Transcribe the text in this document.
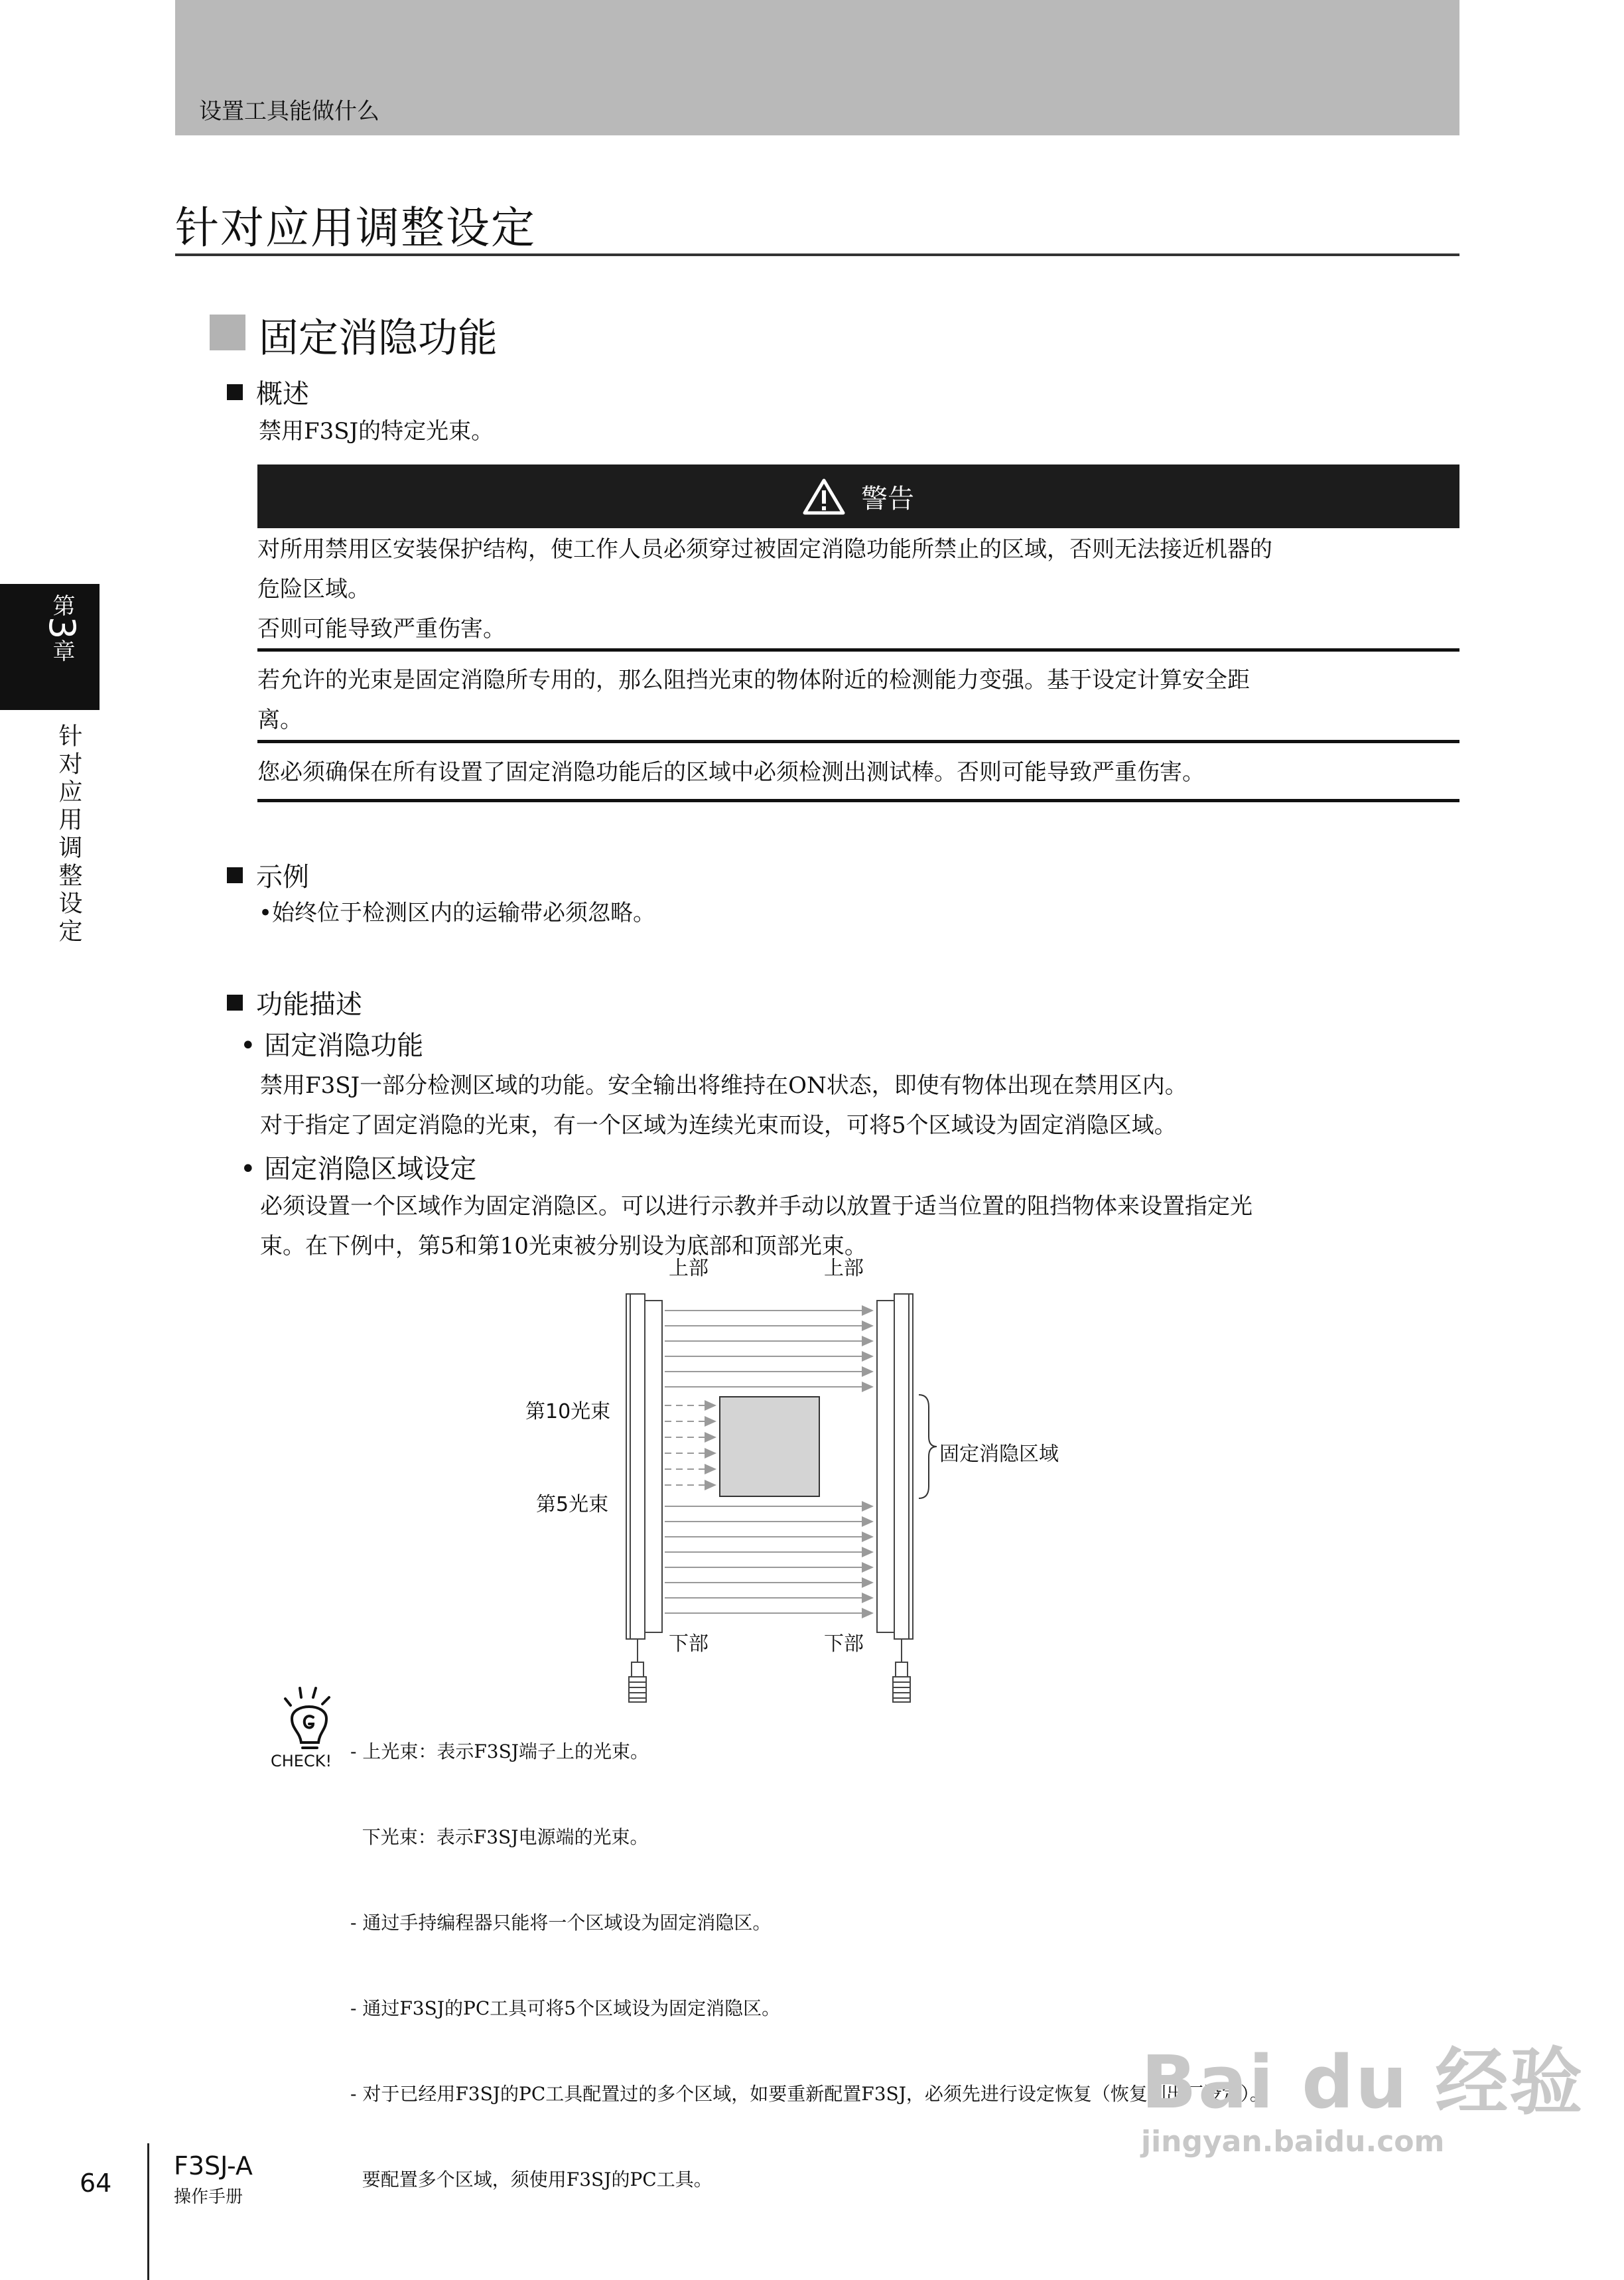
设置工具能做什么
针对应用调整设定
固定消隐功能
概述
禁用F3SJ的特定光束。
警告
对所用禁用区安装保护结构，使工作人员必须穿过被固定消隐功能所禁止的区域，否则无法接近机器的
危险区域。
否则可能导致严重伤害。
若允许的光束是固定消隐所专用的，那么阻挡光束的物体附近的检测能力变强。基于设定计算安全距
离。
您必须确保在所有设置了固定消隐功能后的区域中必须检测出测试棒。否则可能导致严重伤害。
第3章
针对应用调整设定	示例
•始终位于检测区内的运输带必须忽略。
功能描述
• 固定消隐功能
禁用F3SJ一部分检测区域的功能。安全输出将维持在ON状态，即使有物体出现在禁用区内。
对于指定了固定消隐的光束，有一个区域为连续光束而设，可将5个区域设为固定消隐区域。
• 固定消隐区域设定
必须设置一个区域作为固定消隐区。可以进行示教并手动以放置于适当位置的阻挡物体来设置指定光
束。在下例中，第5和第10光束被分别设为底部和顶部光束。
上部	上部
下部	下部
第10光束
第5光束
固定消隐区域
CHECK!

- 上光束：表示F3SJ端子上的光束。

下光束：表示F3SJ电源端的光束。

- 通过手持编程器只能将一个区域设为固定消隐区。

- 通过F3SJ的PC工具可将5个区域设为固定消隐区。

- 对于已经用F3SJ的PC工具配置过的多个区域，如要重新配置F3SJ，必须先进行设定恢复（恢复到出厂设定）。

要配置多个区域，须使用F3SJ的PC工具。

Bai du 经验
jingyan.baidu.com
64
F3SJ-A
操作手册
